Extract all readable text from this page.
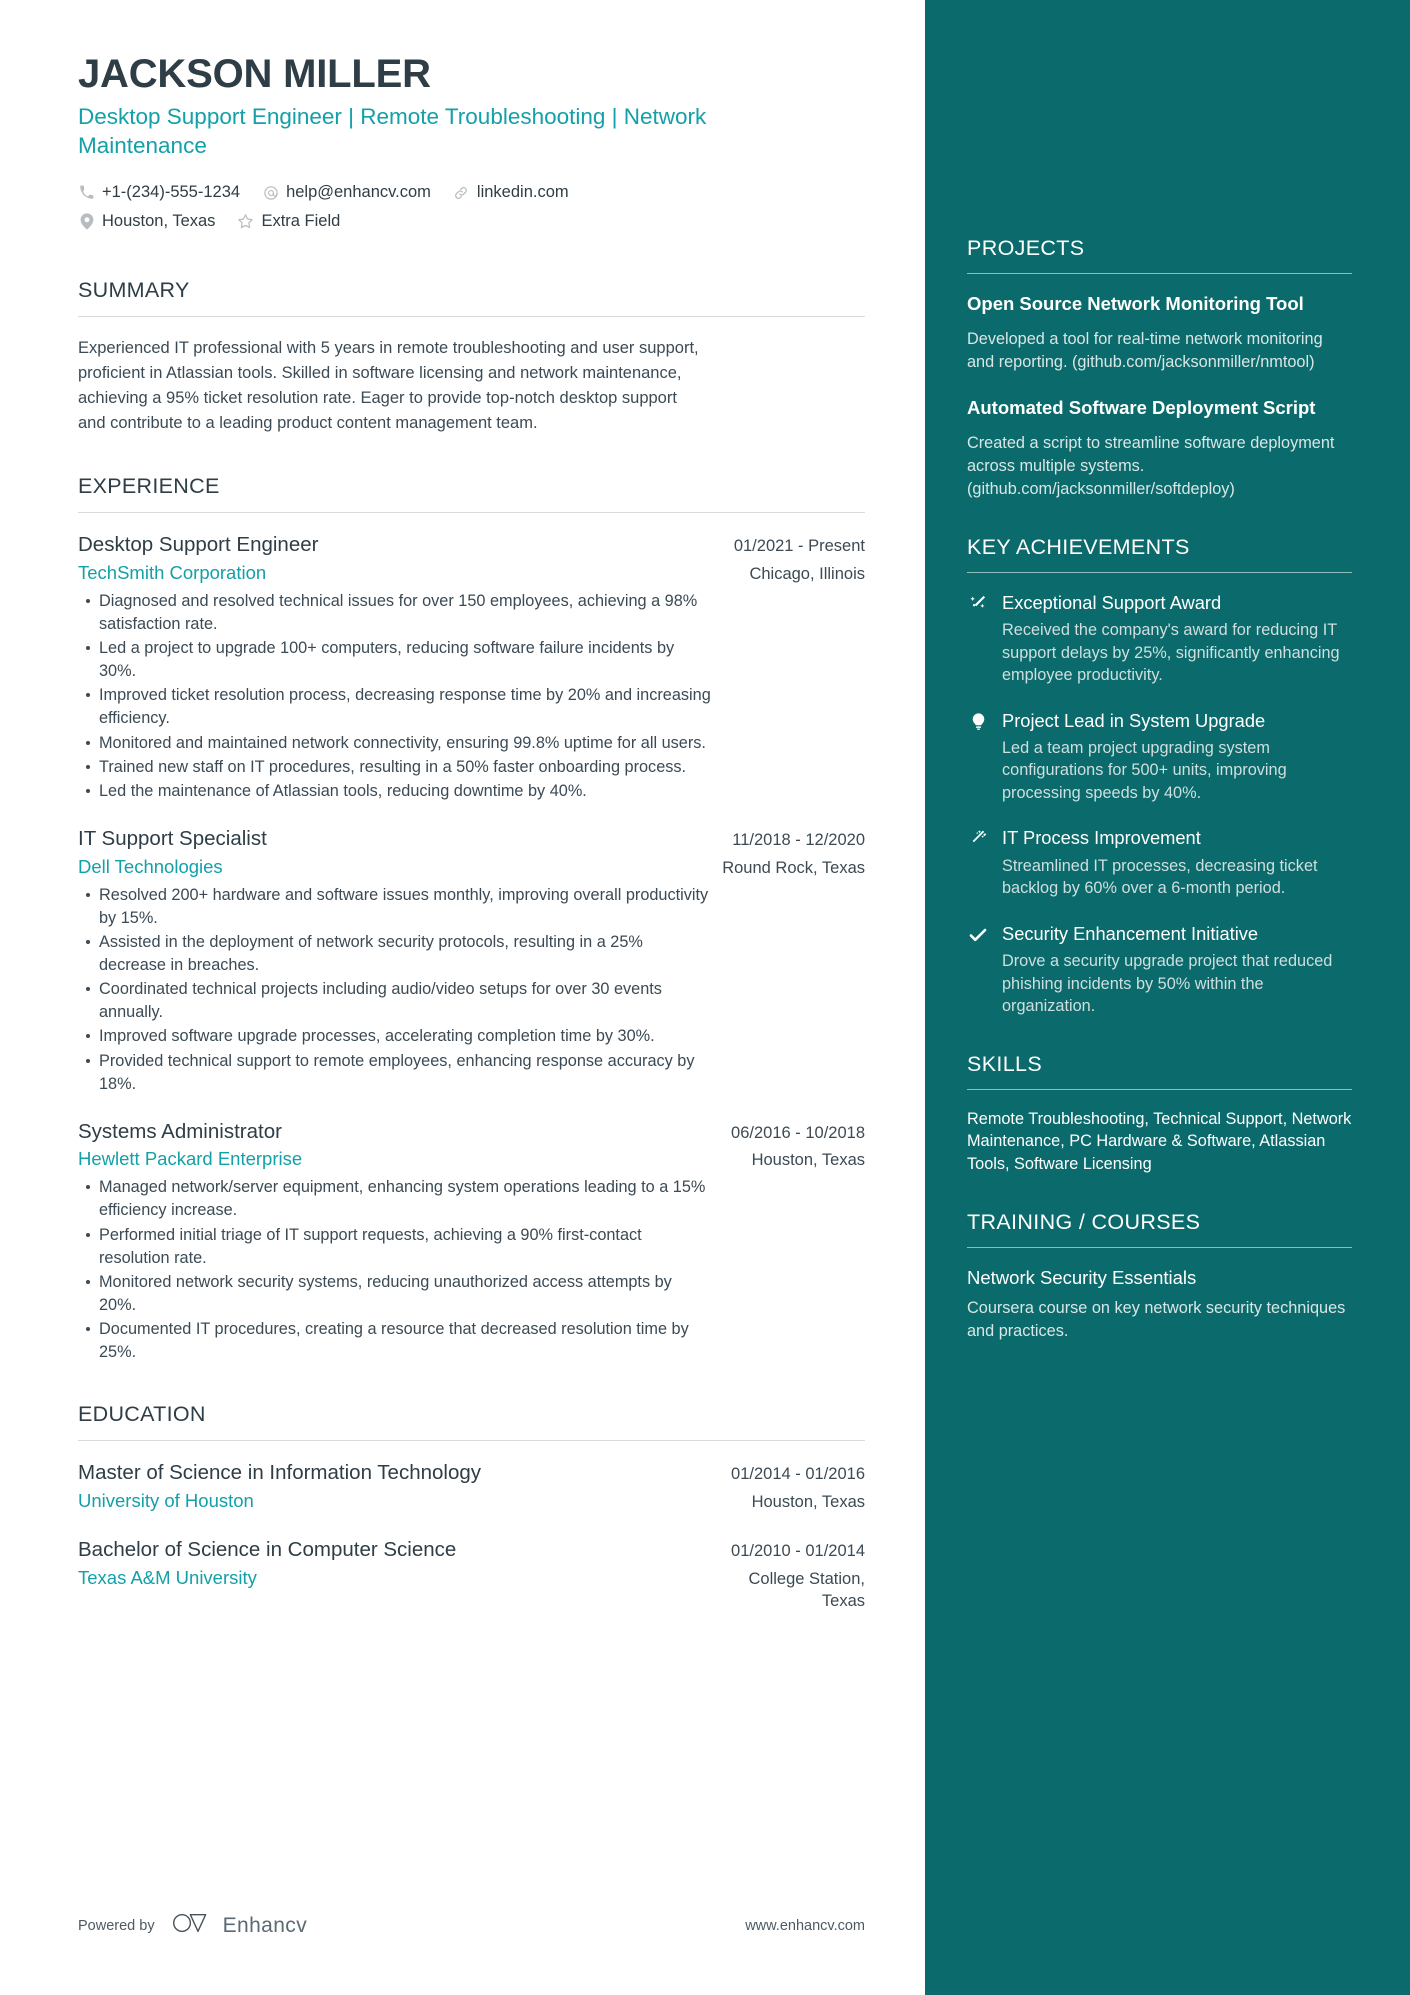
JACKSON MILLER
Desktop Support Engineer | Remote Troubleshooting | Network Maintenance
+1-(234)-555-1234	help@enhancv.com	linkedin.com
Houston, Texas	Extra Field
SUMMARY
Experienced IT professional with 5 years in remote troubleshooting and user support, proficient in Atlassian tools. Skilled in software licensing and network maintenance, achieving a 95% ticket resolution rate. Eager to provide top-notch desktop support and contribute to a leading product content management team.
EXPERIENCE
Desktop Support Engineer	01/2021 - Present
TechSmith Corporation	Chicago, Illinois
Diagnosed and resolved technical issues for over 150 employees, achieving a 98% satisfaction rate.
Led a project to upgrade 100+ computers, reducing software failure incidents by 30%.
Improved ticket resolution process, decreasing response time by 20% and increasing efficiency.
Monitored and maintained network connectivity, ensuring 99.8% uptime for all users.
Trained new staff on IT procedures, resulting in a 50% faster onboarding process.
Led the maintenance of Atlassian tools, reducing downtime by 40%.
IT Support Specialist	11/2018 - 12/2020
Dell Technologies	Round Rock, Texas
Resolved 200+ hardware and software issues monthly, improving overall productivity by 15%.
Assisted in the deployment of network security protocols, resulting in a 25% decrease in breaches.
Coordinated technical projects including audio/video setups for over 30 events annually.
Improved software upgrade processes, accelerating completion time by 30%.
Provided technical support to remote employees, enhancing response accuracy by 18%.
Systems Administrator	06/2016 - 10/2018
Hewlett Packard Enterprise	Houston, Texas
Managed network/server equipment, enhancing system operations leading to a 15% efficiency increase.
Performed initial triage of IT support requests, achieving a 90% first-contact resolution rate.
Monitored network security systems, reducing unauthorized access attempts by 20%.
Documented IT procedures, creating a resource that decreased resolution time by 25%.
EDUCATION
Master of Science in Information Technology	01/2014 - 01/2016
University of Houston	Houston, Texas
Bachelor of Science in Computer Science	01/2010 - 01/2014
Texas A&M University	College Station, Texas
Powered by	Enhancv	www.enhancv.com
PROJECTS
Open Source Network Monitoring Tool
Developed a tool for real-time network monitoring and reporting. (github.com/jacksonmiller/nmtool)
Automated Software Deployment Script
Created a script to streamline software deployment across multiple systems. (github.com/jacksonmiller/softdeploy)
KEY ACHIEVEMENTS
Exceptional Support Award
Received the company's award for reducing IT support delays by 25%, significantly enhancing employee productivity.
Project Lead in System Upgrade
Led a team project upgrading system configurations for 500+ units, improving processing speeds by 40%.
IT Process Improvement
Streamlined IT processes, decreasing ticket backlog by 60% over a 6-month period.
Security Enhancement Initiative
Drove a security upgrade project that reduced phishing incidents by 50% within the organization.
SKILLS
Remote Troubleshooting, Technical Support, Network Maintenance, PC Hardware & Software, Atlassian Tools, Software Licensing
TRAINING / COURSES
Network Security Essentials
Coursera course on key network security techniques and practices.
